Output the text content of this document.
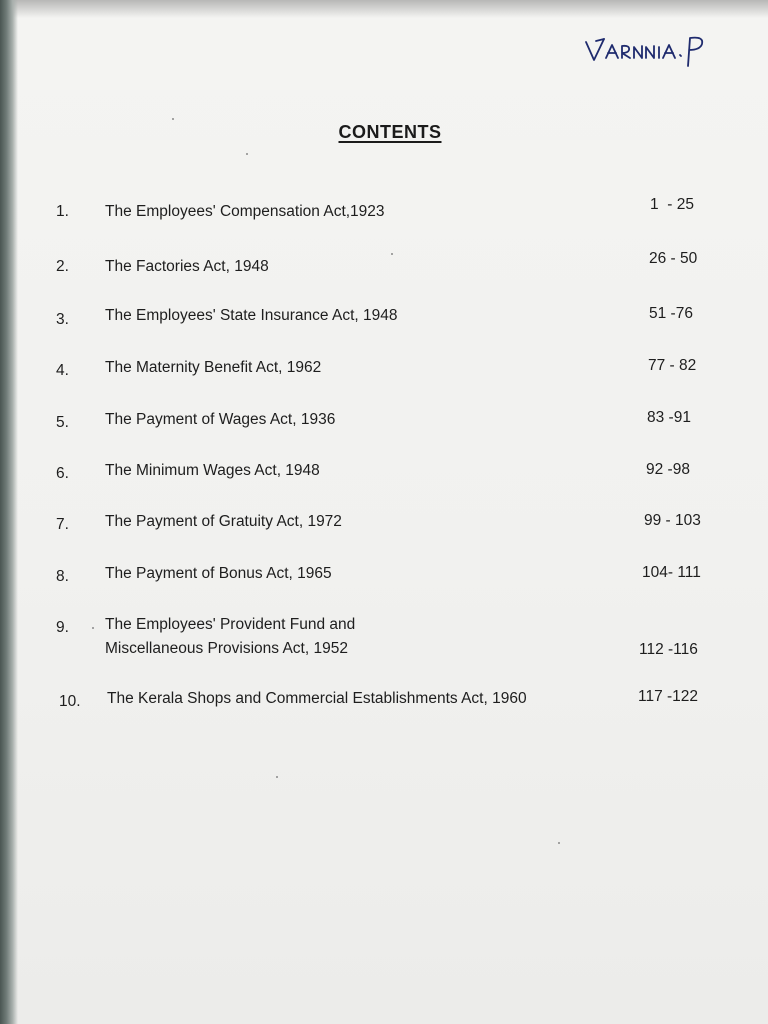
CONTENTS
1. The Employees' Compensation Act,1923	1  - 25
2. The Factories Act, 1948	26 - 50
3. The Employees' State Insurance Act, 1948	51 -76
4. The Maternity Benefit Act, 1962	77 - 82
5. The Payment of Wages Act, 1936	83 -91
6. The Minimum Wages Act, 1948	92 -98
7. The Payment of Gratuity Act, 1972	99 - 103
8. The Payment of Bonus Act, 1965	104- 111
9. The Employees' Provident Fund and
Miscellaneous Provisions Act, 1952	112 -116
10. The Kerala Shops and Commercial Establishments Act, 1960	117 -122
